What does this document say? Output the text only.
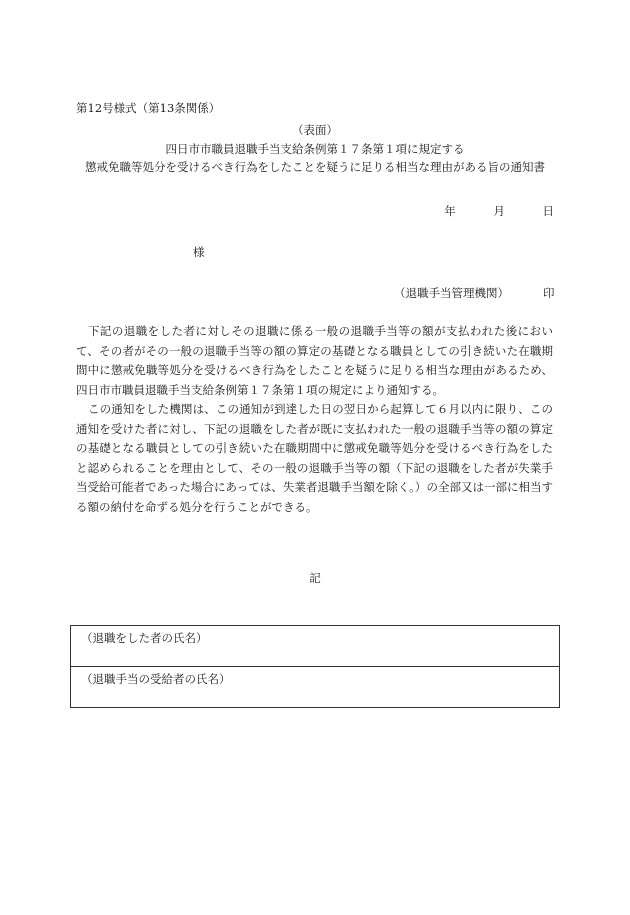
第12号様式（第13条関係）
（表面）
四日市市職員退職手当支給条例第１７条第１項に規定する
懲戒免職等処分を受けるべき行為をしたことを疑うに足りる相当な理由がある旨の通知書
年	月	日
様
（退職手当管理機関）	印
下記の退職をした者に対しその退職に係る一般の退職手当等の額が支払われた後において、その者がその一般の退職手当等の額の算定の基礎となる職員としての引き続いた在職期間中に懲戒免職等処分を受けるべき行為をしたことを疑うに足りる相当な理由があるため、四日市市職員退職手当支給条例第１７条第１項の規定により通知する。
この通知をした機関は、この通知が到達した日の翌日から起算して６月以内に限り、この通知を受けた者に対し、下記の退職をした者が既に支払われた一般の退職手当等の額の算定の基礎となる職員としての引き続いた在職期間中に懲戒免職等処分を受けるべき行為をしたと認められることを理由として、その一般の退職手当等の額（下記の退職をした者が失業手当受給可能者であった場合にあっては、失業者退職手当額を除く。）の全部又は一部に相当する額の納付を命ずる処分を行うことができる。
記
（退職をした者の氏名）
（退職手当の受給者の氏名）
